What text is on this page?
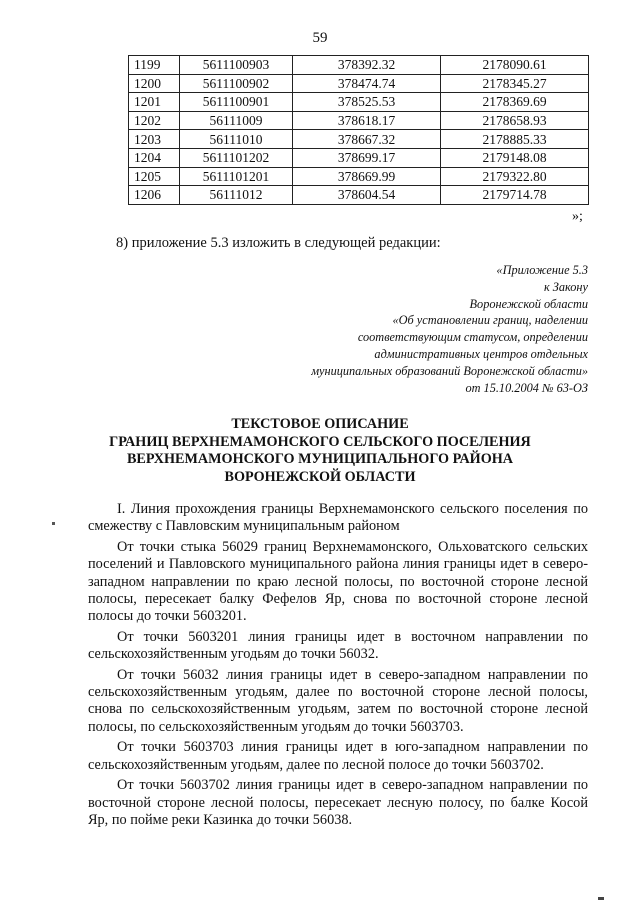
59
1199	5611100903	378392.32	2178090.61
1200	5611100902	378474.74	2178345.27
1201	5611100901	378525.53	2178369.69
1202	56111009	378618.17	2178658.93
1203	56111010	378667.32	2178885.33
1204	5611101202	378699.17	2179148.08
1205	5611101201	378669.99	2179322.80
1206	56111012	378604.54	2179714.78
»;
8) приложение 5.3 изложить в следующей редакции:
«Приложение 5.3
к Закону
Воронежской области
«Об установлении границ, наделении
соответствующим статусом, определении
административных центров отдельных
муниципальных образований Воронежской области»
от 15.10.2004 № 63-ОЗ
ТЕКСТОВОЕ ОПИСАНИЕ
ГРАНИЦ ВЕРХНЕМАМОНСКОГО СЕЛЬСКОГО ПОСЕЛЕНИЯ
ВЕРХНЕМАМОНСКОГО МУНИЦИПАЛЬНОГО РАЙОНА
ВОРОНЕЖСКОЙ ОБЛАСТИ

I. Линия прохождения границы Верхнемамонского сельского поселения по смежеству с Павловским муниципальным районом

От точки стыка 56029 границ Верхнемамонского, Ольховатского сельских поселений и Павловского муниципального района линия границы идет в северо-западном направлении по краю лесной полосы, по восточной стороне лесной полосы, пересекает балку Фефелов Яр, снова по восточной стороне лесной полосы до точки 5603201.

От точки 5603201 линия границы идет в восточном направлении по сельскохозяйственным угодьям до точки 56032.

От точки 56032 линия границы идет в северо-западном направлении по сельскохозяйственным угодьям, далее по восточной стороне лесной полосы, снова по сельскохозяйственным угодьям, затем по восточной стороне лесной полосы, по сельскохозяйственным угодьям до точки 5603703.

От точки 5603703 линия границы идет в юго-западном направлении по сельскохозяйственным угодьям, далее по лесной полосе до точки 5603702.

От точки 5603702 линия границы идет в северо-западном направлении по восточной стороне лесной полосы, пересекает лесную полосу, по балке Косой Яр, по пойме реки Казинка до точки 56038.
